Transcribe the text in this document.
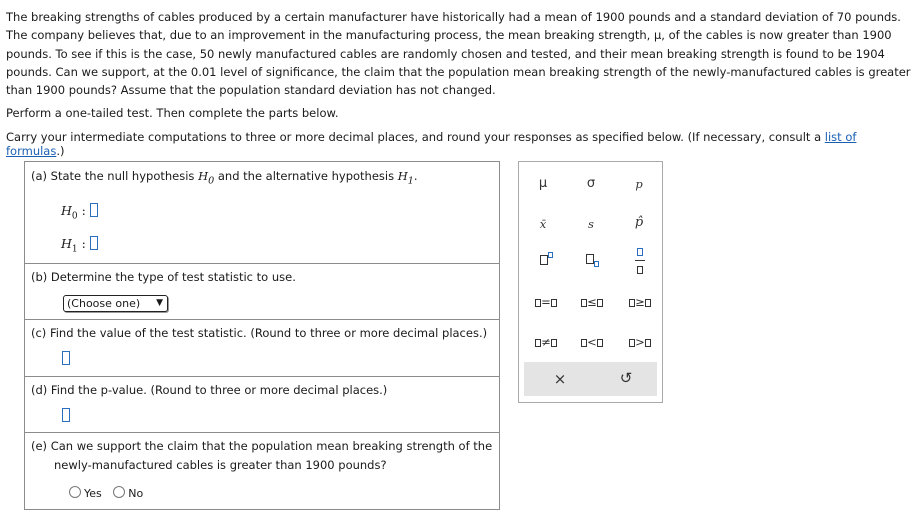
The breaking strengths of cables produced by a certain manufacturer have historically had a mean of 1900 pounds and a standard deviation of 70 pounds. The company believes that, due to an improvement in the manufacturing process, the mean breaking strength, μ, of the cables is now greater than 1900 pounds. To see if this is the case, 50 newly manufactured cables are randomly chosen and tested, and their mean breaking strength is found to be 1904 pounds. Can we support, at the 0.01 level of significance, the claim that the population mean breaking strength of the newly-manufactured cables is greater than 1900 pounds? Assume that the population standard deviation has not changed.

Perform a one-tailed test. Then complete the parts below.
Carry your intermediate computations to three or more decimal places, and round your responses as specified below. (If necessary, consult a list of formulas.)
(a) State the null hypothesis $H_0$ and the alternative hypothesis $H_1$.
$H_0$ :
$H_1$ :
(b) Determine the type of test statistic to use.
(Choose one) ▼
(c) Find the value of the test statistic. (Round to three or more decimal places.)
(d) Find the p-value. (Round to three or more decimal places.)
(e) Can we support the claim that the population mean breaking strength of the
newly-manufactured cables is greater than 1900 pounds?
Yes No
μ	σ	p
x̄	s	p̂

=	≤	≥
≠	<	>
×	↺
